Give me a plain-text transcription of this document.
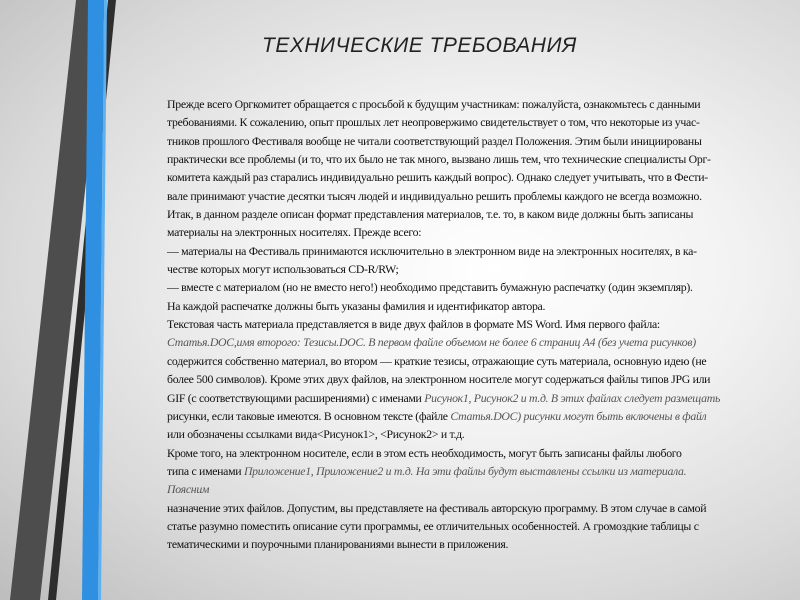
ТЕХНИЧЕСКИЕ ТРЕБОВАНИЯ
Прежде всего Оргкомитет обращается с просьбой к будущим участникам: пожалуйста, ознакомьтесь с данными
требованиями. К сожалению, опыт прошлых лет неопровержимо свидетельствует о том, что некоторые из учас-
тников прошлого Фестиваля вообще не читали соответствующий раздел Положения. Этим были инициированы
практически все проблемы (и то, что их было не так много, вызвано лишь тем, что технические специалисты Орг-
комитета каждый раз старались индивидуально решить каждый вопрос). Однако следует учитывать, что в Фести-
вале принимают участие десятки тысяч людей и индивидуально решить проблемы каждого не всегда возможно.
Итак, в данном разделе описан формат представления материалов, т.е. то, в каком виде должны быть записаны
материалы на электронных носителях. Прежде всего:
— материалы на Фестиваль принимаются исключительно в электронном виде на электронных носителях, в ка-
честве которых могут использоваться CD-R/RW;
— вместе с материалом (но не вместо него!) необходимо представить бумажную распечатку (один экземпляр).
На каждой распечатке должны быть указаны фамилия и идентификатор автора.
Текстовая часть материала представляется в виде двух файлов в формате MS Word. Имя первого файла:
Статья.DOC,имя второго: Тезисы.DOC. В первом файле объемом не более 6 страниц А4 (без учета рисунков)
содержится собственно материал, во втором — краткие тезисы, отражающие суть материала, основную идею (не
более 500 символов). Кроме этих двух файлов, на электронном носителе могут содержаться файлы типов JPG или
GIF (с соответствующими расширениями) с именами Рисунок1, Рисунок2 и т.д. В этих файлах следует размещать
рисунки, если таковые имеются. В основном тексте (файле Статья.DOC) рисунки могут быть включены в файл
или обозначены ссылками вида<Рисунок1>, <Рисунок2> и т.д.
Кроме того, на электронном носителе, если в этом есть необходимость, могут быть записаны файлы любого
типа с именами Приложение1, Приложение2 и т.д. На эти файлы будут выставлены ссылки из материала.
Поясним
назначение этих файлов. Допустим, вы представляете на фестиваль авторскую программу. В этом случае в самой
статье разумно поместить описание сути программы, ее отличительных особенностей. А громоздкие таблицы с
тематическими и поурочными планированиями вынести в приложения.
